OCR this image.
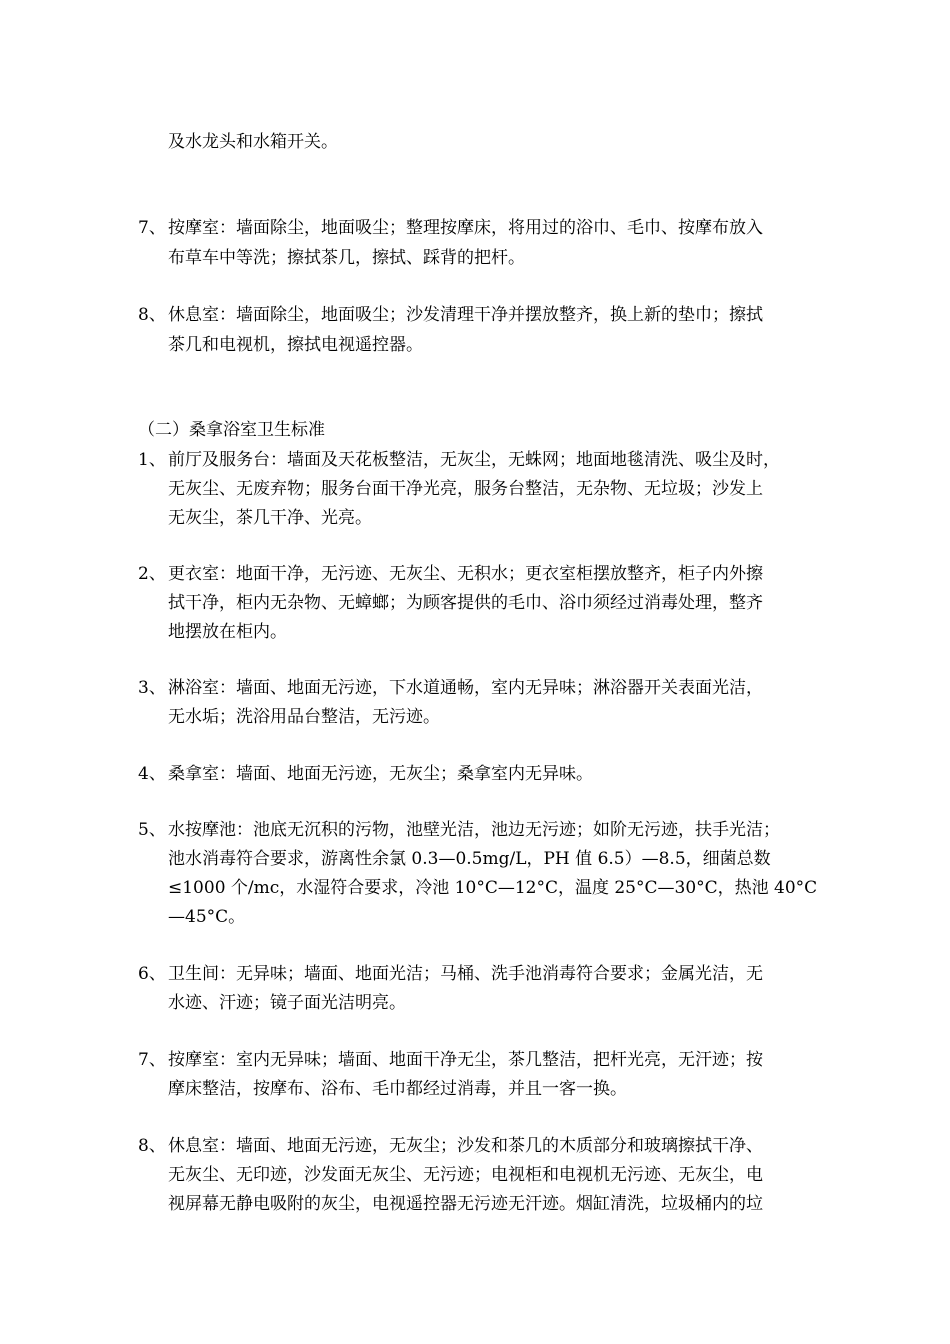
及水龙头和水箱开关。
7、 按摩室：墙面除尘，地面吸尘；整理按摩床，将用过的浴巾、毛巾、按摩布放入
布草车中等洗；擦拭茶几，擦拭、踩背的把杆。
8、 休息室：墙面除尘，地面吸尘；沙发清理干净并摆放整齐，换上新的垫巾；擦拭
茶几和电视机，擦拭电视遥控器。
（二）桑拿浴室卫生标准
1、 前厅及服务台：墙面及天花板整洁，无灰尘，无蛛网；地面地毯清洗、吸尘及时，
无灰尘、无废弃物；服务台面干净光亮，服务台整洁，无杂物、无垃圾；沙发上
无灰尘，茶几干净、光亮。
2、 更衣室：地面干净，无污迹、无灰尘、无积水；更衣室柜摆放整齐，柜子内外擦
拭干净，柜内无杂物、无蟑螂；为顾客提供的毛巾、浴巾须经过消毒处理，整齐
地摆放在柜内。
3、 淋浴室：墙面、地面无污迹，下水道通畅，室内无异味；淋浴器开关表面光洁，
无水垢；洗浴用品台整洁，无污迹。
4、 桑拿室：墙面、地面无污迹，无灰尘；桑拿室内无异味。
5、 水按摩池：池底无沉积的污物，池壁光洁，池边无污迹；如阶无污迹，扶手光洁；
池水消毒符合要求，游离性余氯 0.3—0.5mg/L，PH 值 6.5）—8.5，细菌总数
≤1000 个/mc，水湿符合要求，冷池 10°C—12°C，温度 25°C—30°C，热池 40°C
—45°C。
6、 卫生间：无异味；墙面、地面光洁；马桶、洗手池消毒符合要求；金属光洁，无
水迹、汗迹；镜子面光洁明亮。
7、 按摩室：室内无异味；墙面、地面干净无尘，茶几整洁，把杆光亮，无汗迹；按
摩床整洁，按摩布、浴布、毛巾都经过消毒，并且一客一换。
8、 休息室：墙面、地面无污迹，无灰尘；沙发和茶几的木质部分和玻璃擦拭干净、
无灰尘、无印迹，沙发面无灰尘、无污迹；电视柜和电视机无污迹、无灰尘，电
视屏幕无静电吸附的灰尘，电视遥控器无污迹无汗迹。烟缸清洗，垃圾桶内的垃
